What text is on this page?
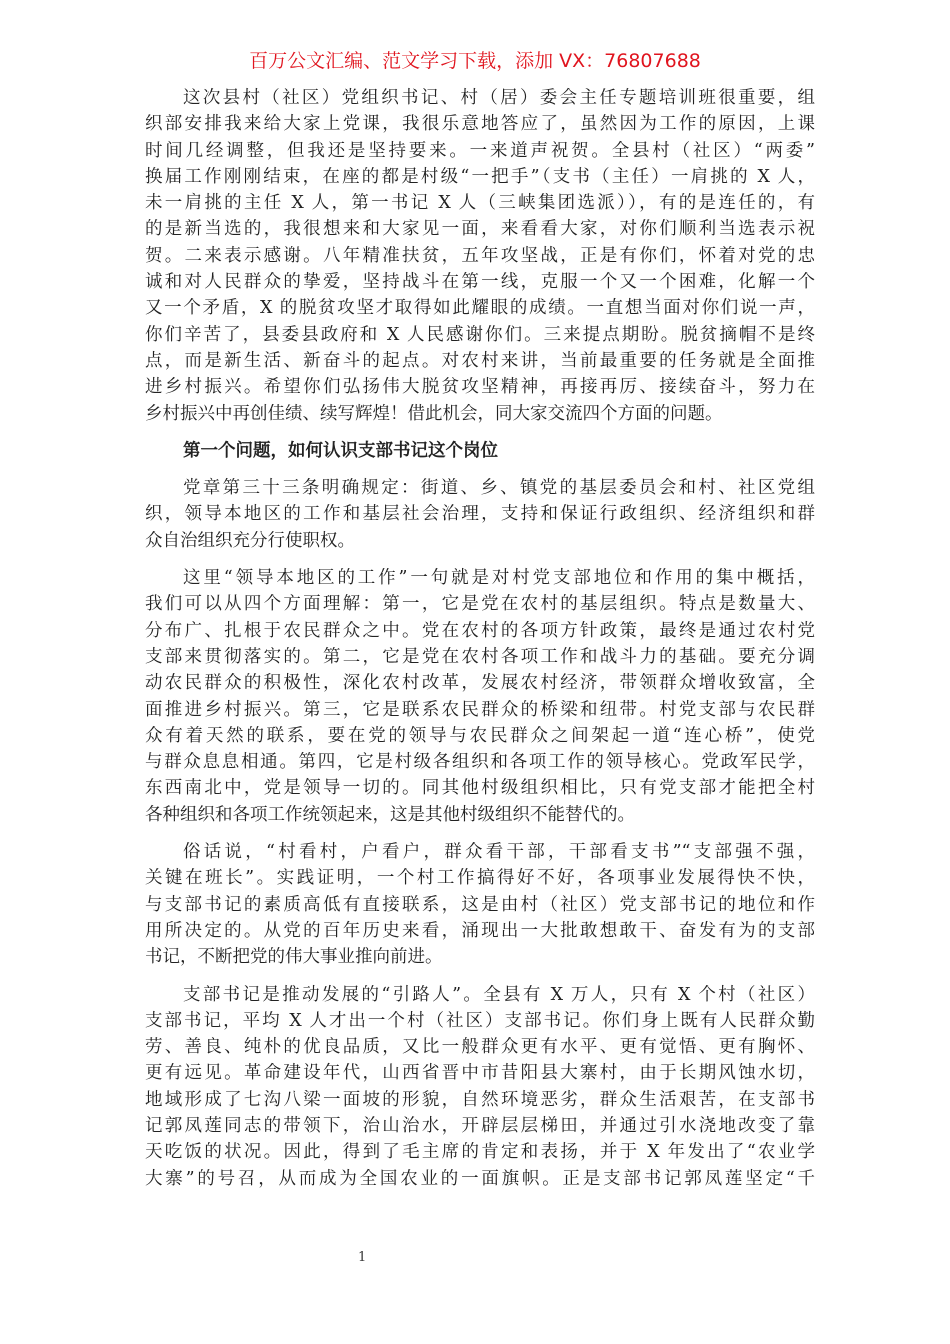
百万公文汇编、范文学习下载，添加 VX：76807688
这次县村（社区）党组织书记、村（居）委会主任专题培训班很重要，组
织部安排我来给大家上党课，我很乐意地答应了，虽然因为工作的原因，上课
时间几经调整，但我还是坚持要来。一来道声祝贺。全县村（社区）“两委”
换届工作刚刚结束，在座的都是村级“一把手”（支书（主任）一肩挑的 X 人，
未一肩挑的主任 X 人，第一书记 X 人（三峡集团选派）），有的是连任的，有
的是新当选的，我很想来和大家见一面，来看看大家，对你们顺利当选表示祝
贺。二来表示感谢。八年精准扶贫，五年攻坚战，正是有你们，怀着对党的忠
诚和对人民群众的挚爱，坚持战斗在第一线，克服一个又一个困难，化解一个
又一个矛盾，X 的脱贫攻坚才取得如此耀眼的成绩。一直想当面对你们说一声，
你们辛苦了，县委县政府和 X 人民感谢你们。三来提点期盼。脱贫摘帽不是终
点，而是新生活、新奋斗的起点。对农村来讲，当前最重要的任务就是全面推
进乡村振兴。希望你们弘扬伟大脱贫攻坚精神，再接再厉、接续奋斗，努力在
乡村振兴中再创佳绩、续写辉煌！借此机会，同大家交流四个方面的问题。
第一个问题，如何认识支部书记这个岗位
党章第三十三条明确规定：街道、乡、镇党的基层委员会和村、社区党组
织，领导本地区的工作和基层社会治理，支持和保证行政组织、经济组织和群
众自治组织充分行使职权。
这里“领导本地区的工作”一句就是对村党支部地位和作用的集中概括，
我们可以从四个方面理解：第一，它是党在农村的基层组织。特点是数量大、
分布广、扎根于农民群众之中。党在农村的各项方针政策，最终是通过农村党
支部来贯彻落实的。第二，它是党在农村各项工作和战斗力的基础。要充分调
动农民群众的积极性，深化农村改革，发展农村经济，带领群众增收致富，全
面推进乡村振兴。第三，它是联系农民群众的桥梁和纽带。村党支部与农民群
众有着天然的联系，要在党的领导与农民群众之间架起一道“连心桥”，使党
与群众息息相通。第四，它是村级各组织和各项工作的领导核心。党政军民学，
东西南北中，党是领导一切的。同其他村级组织相比，只有党支部才能把全村
各种组织和各项工作统领起来，这是其他村级组织不能替代的。
俗话说，“村看村，户看户，群众看干部，干部看支书”“支部强不强，
关键在班长”。实践证明，一个村工作搞得好不好，各项事业发展得快不快，
与支部书记的素质高低有直接联系，这是由村（社区）党支部书记的地位和作
用所决定的。从党的百年历史来看，涌现出一大批敢想敢干、奋发有为的支部
书记，不断把党的伟大事业推向前进。
支部书记是推动发展的“引路人”。全县有 X 万人，只有 X 个村（社区）
支部书记，平均 X 人才出一个村（社区）支部书记。你们身上既有人民群众勤
劳、善良、纯朴的优良品质，又比一般群众更有水平、更有觉悟、更有胸怀、
更有远见。革命建设年代，山西省晋中市昔阳县大寨村，由于长期风蚀水切，
地域形成了七沟八梁一面坡的形貌，自然环境恶劣，群众生活艰苦，在支部书
记郭凤莲同志的带领下，治山治水，开辟层层梯田，并通过引水浇地改变了靠
天吃饭的状况。因此，得到了毛主席的肯定和表扬，并于 X 年发出了“农业学
大寨”的号召，从而成为全国农业的一面旗帜。正是支部书记郭凤莲坚定“千
1
